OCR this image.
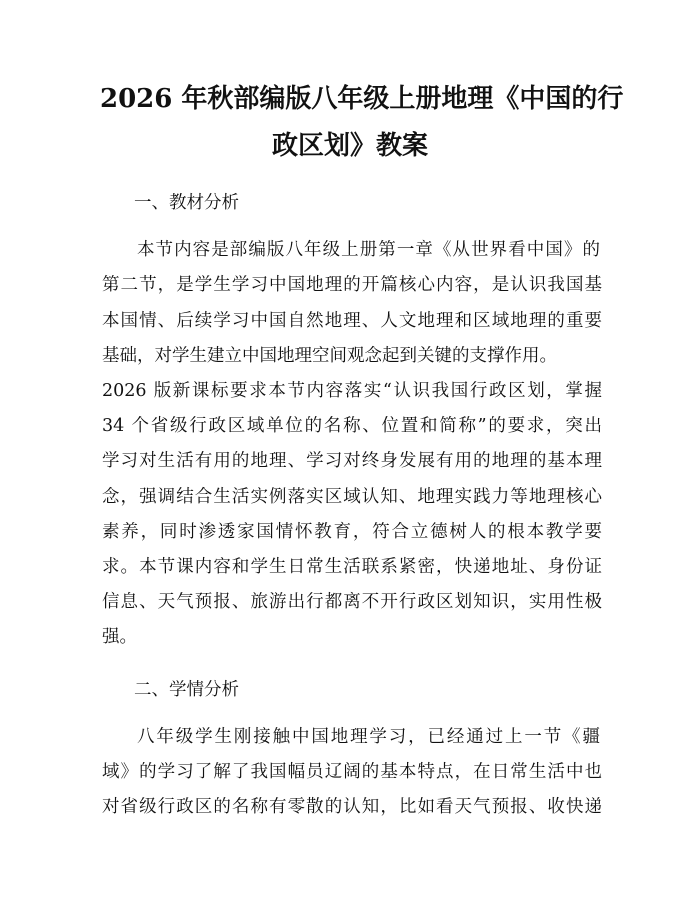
2026 年秋部编版八年级上册地理《中国的行
政区划》教案

一、教材分析

本节内容是部编版八年级上册第一章《从世界看中国》的

第二节，是学生学习中国地理的开篇核心内容，是认识我国基

本国情、后续学习中国自然地理、人文地理和区域地理的重要

基础，对学生建立中国地理空间观念起到关键的支撑作用。

2026 版新课标要求本节内容落实“认识我国行政区划，掌握

34 个省级行政区域单位的名称、位置和简称”的要求，突出

学习对生活有用的地理、学习对终身发展有用的地理的基本理

念，强调结合生活实例落实区域认知、地理实践力等地理核心

素养，同时渗透家国情怀教育，符合立德树人的根本教学要

求。本节课内容和学生日常生活联系紧密，快递地址、身份证

信息、天气预报、旅游出行都离不开行政区划知识，实用性极

强。

二、学情分析

八年级学生刚接触中国地理学习，已经通过上一节《疆

域》的学习了解了我国幅员辽阔的基本特点，在日常生活中也

对省级行政区的名称有零散的认知，比如看天气预报、收快递
